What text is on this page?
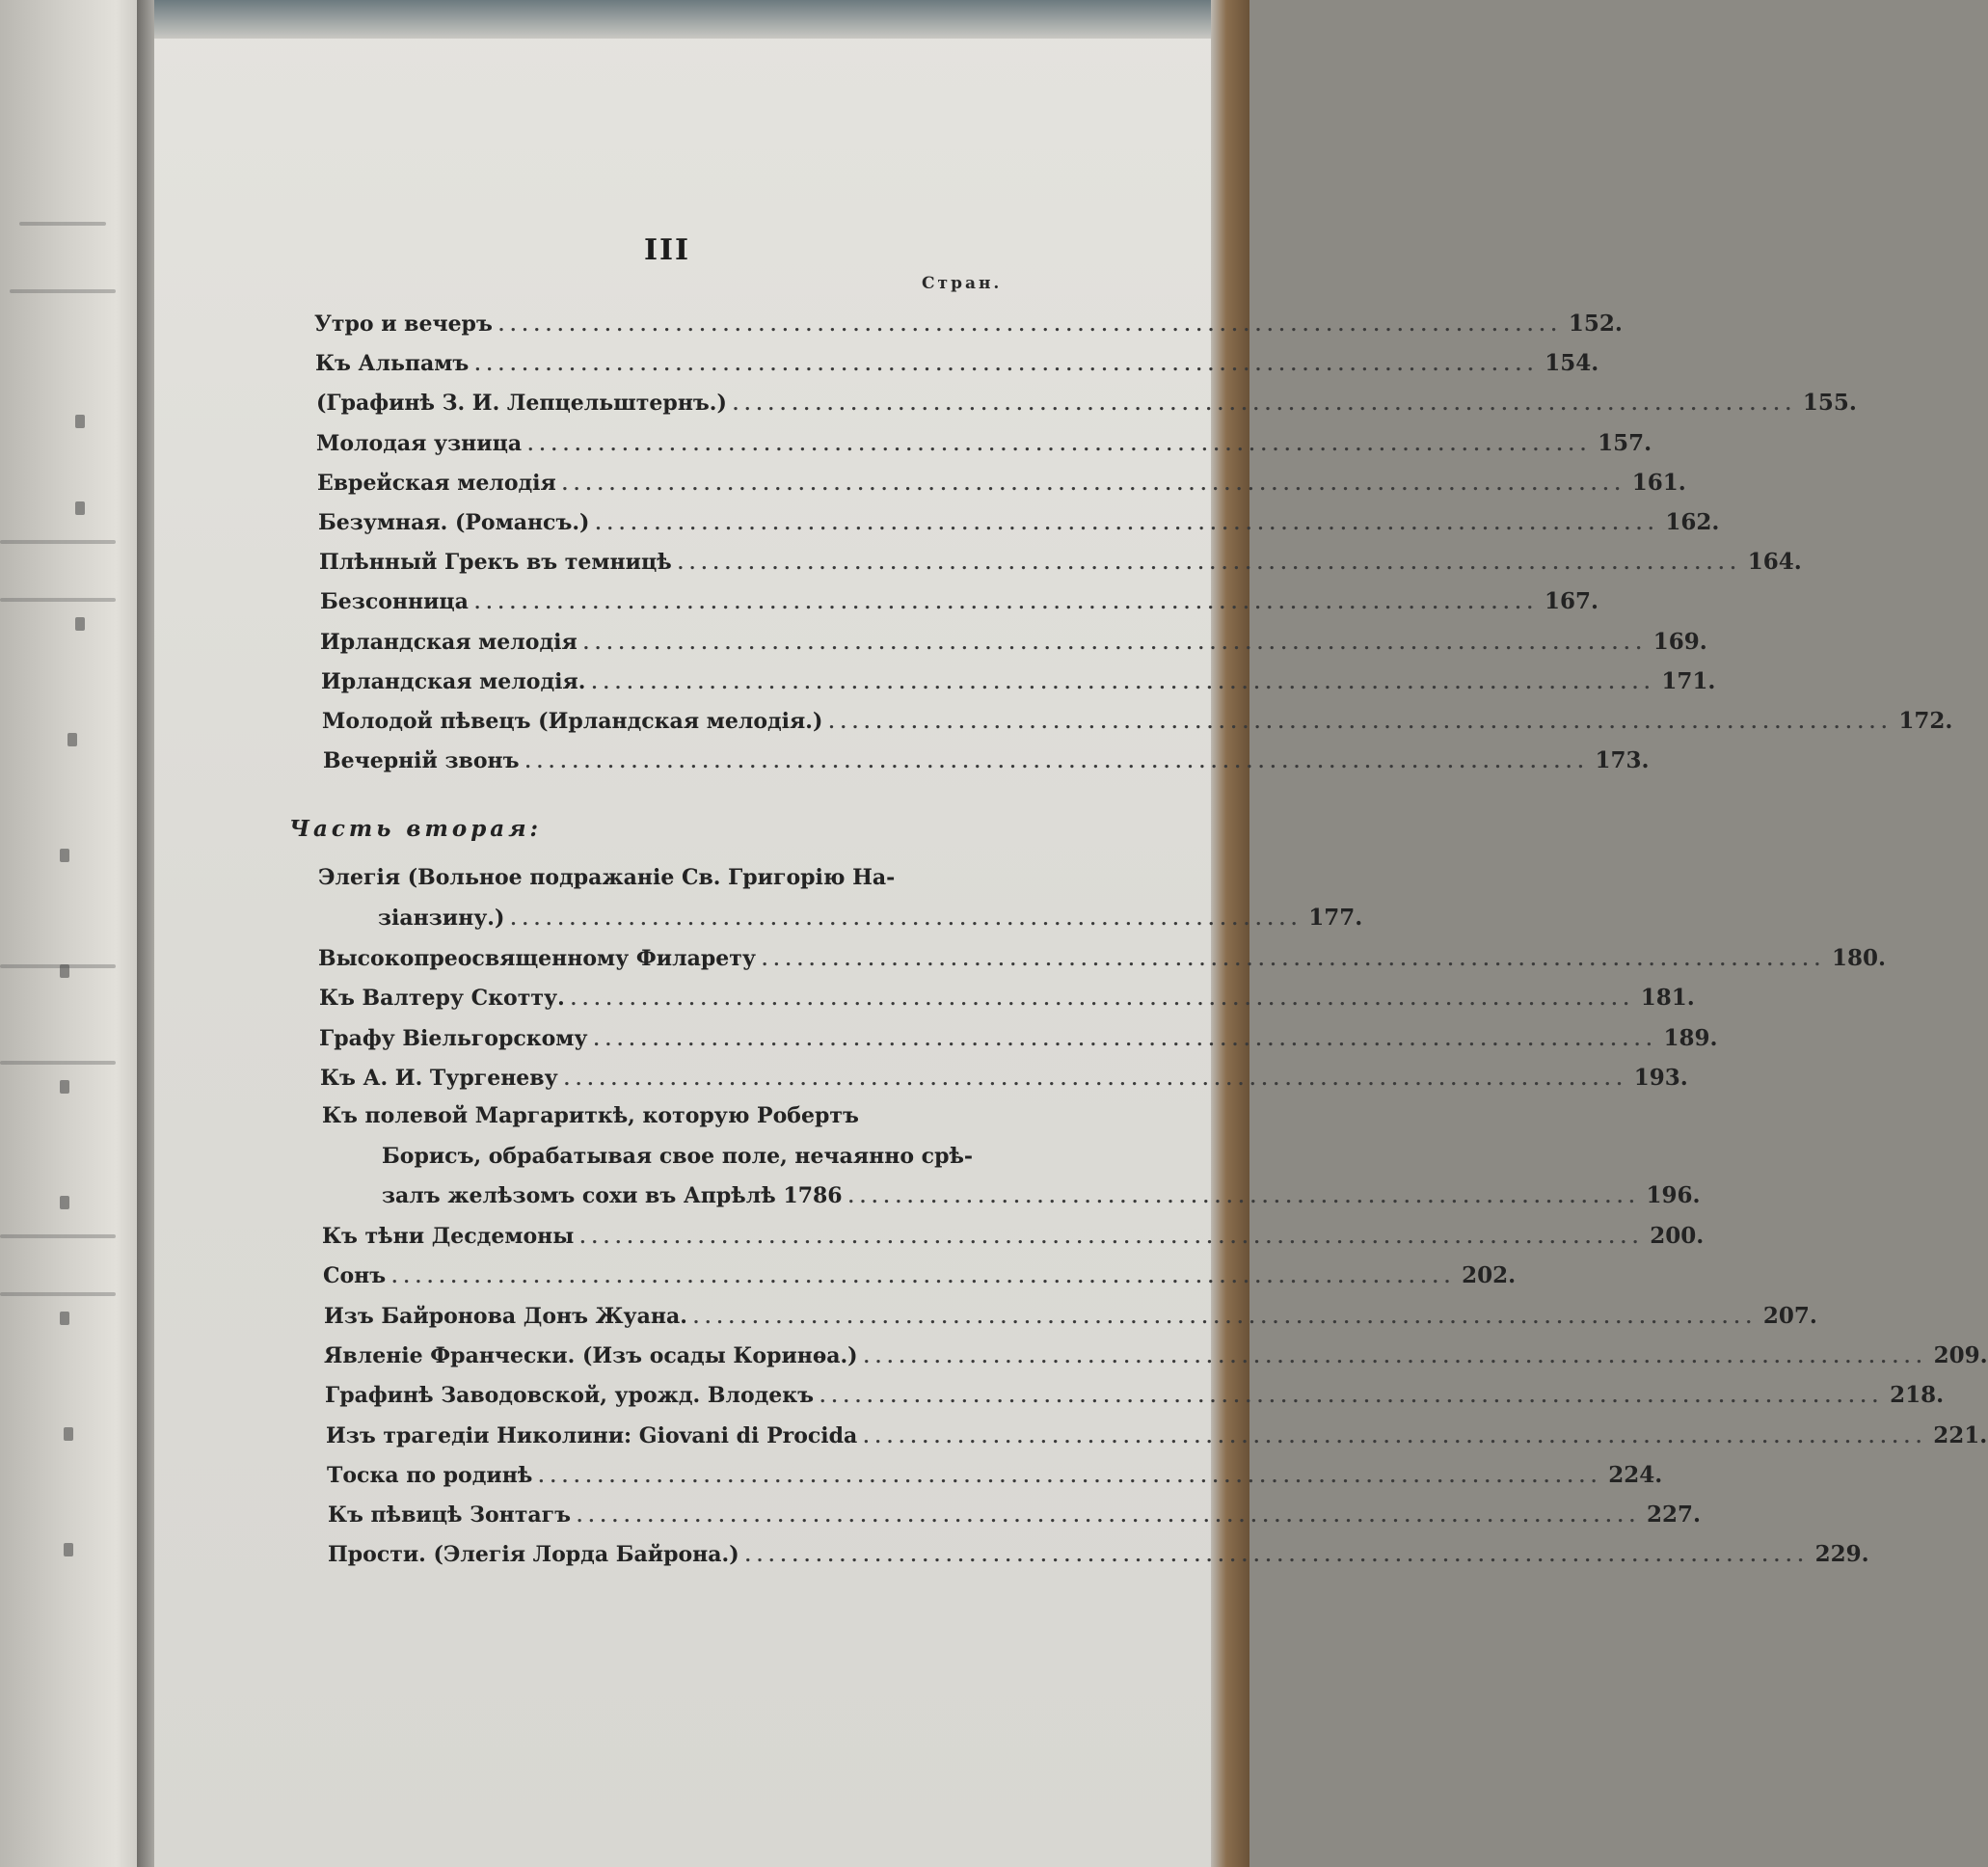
III
Стран.
Утро и вечеръ .......................................................................................... 152.
Къ Альпамъ .......................................................................................... 154.
(Графинѣ З. И. Лепцельштернъ.) .......................................................................................... 155.
Молодая узница .......................................................................................... 157.
Еврейская мелодія .......................................................................................... 161.
Безумная. (Романсъ.) .......................................................................................... 162.
Плѣнный Грекъ въ темницѣ .......................................................................................... 164.
Безсонница .......................................................................................... 167.
Ирландская мелодія .......................................................................................... 169.
Ирландская мелодія. .......................................................................................... 171.
Молодой пѣвецъ (Ирландская мелодія.) .......................................................................................... 172.
Вечерній звонъ .......................................................................................... 173.
Часть вторая:
Элегія (Вольное подражаніе Св. Григорію На-
зіанзину.) ................................................................... 177.
Высокопреосвященному Филарету .......................................................................................... 180.
Къ Валтеру Скотту. .......................................................................................... 181.
Графу Віельгорскому .......................................................................................... 189.
Къ А. И. Тургеневу .......................................................................................... 193.
Къ полевой Маргариткѣ, которую Робертъ
Борисъ, обрабатывая свое поле, нечаянно срѣ-
залъ желѣзомъ сохи въ Апрѣлѣ 1786 ................................................................... 196.
Къ тѣни Десдемоны .......................................................................................... 200.
Сонъ .......................................................................................... 202.
Изъ Байронова Донъ Жуана. .......................................................................................... 207.
Явленіе Франчески. (Изъ осады Коринѳа.) .......................................................................................... 209.
Графинѣ Заводовской, урожд. Влодекъ .......................................................................................... 218.
Изъ трагедіи Николини: Giovani di Procida .......................................................................................... 221.
Тоска по родинѣ .......................................................................................... 224.
Къ пѣвицѣ Зонтагъ .......................................................................................... 227.
Прости. (Элегія Лорда Байрона.) .......................................................................................... 229.
